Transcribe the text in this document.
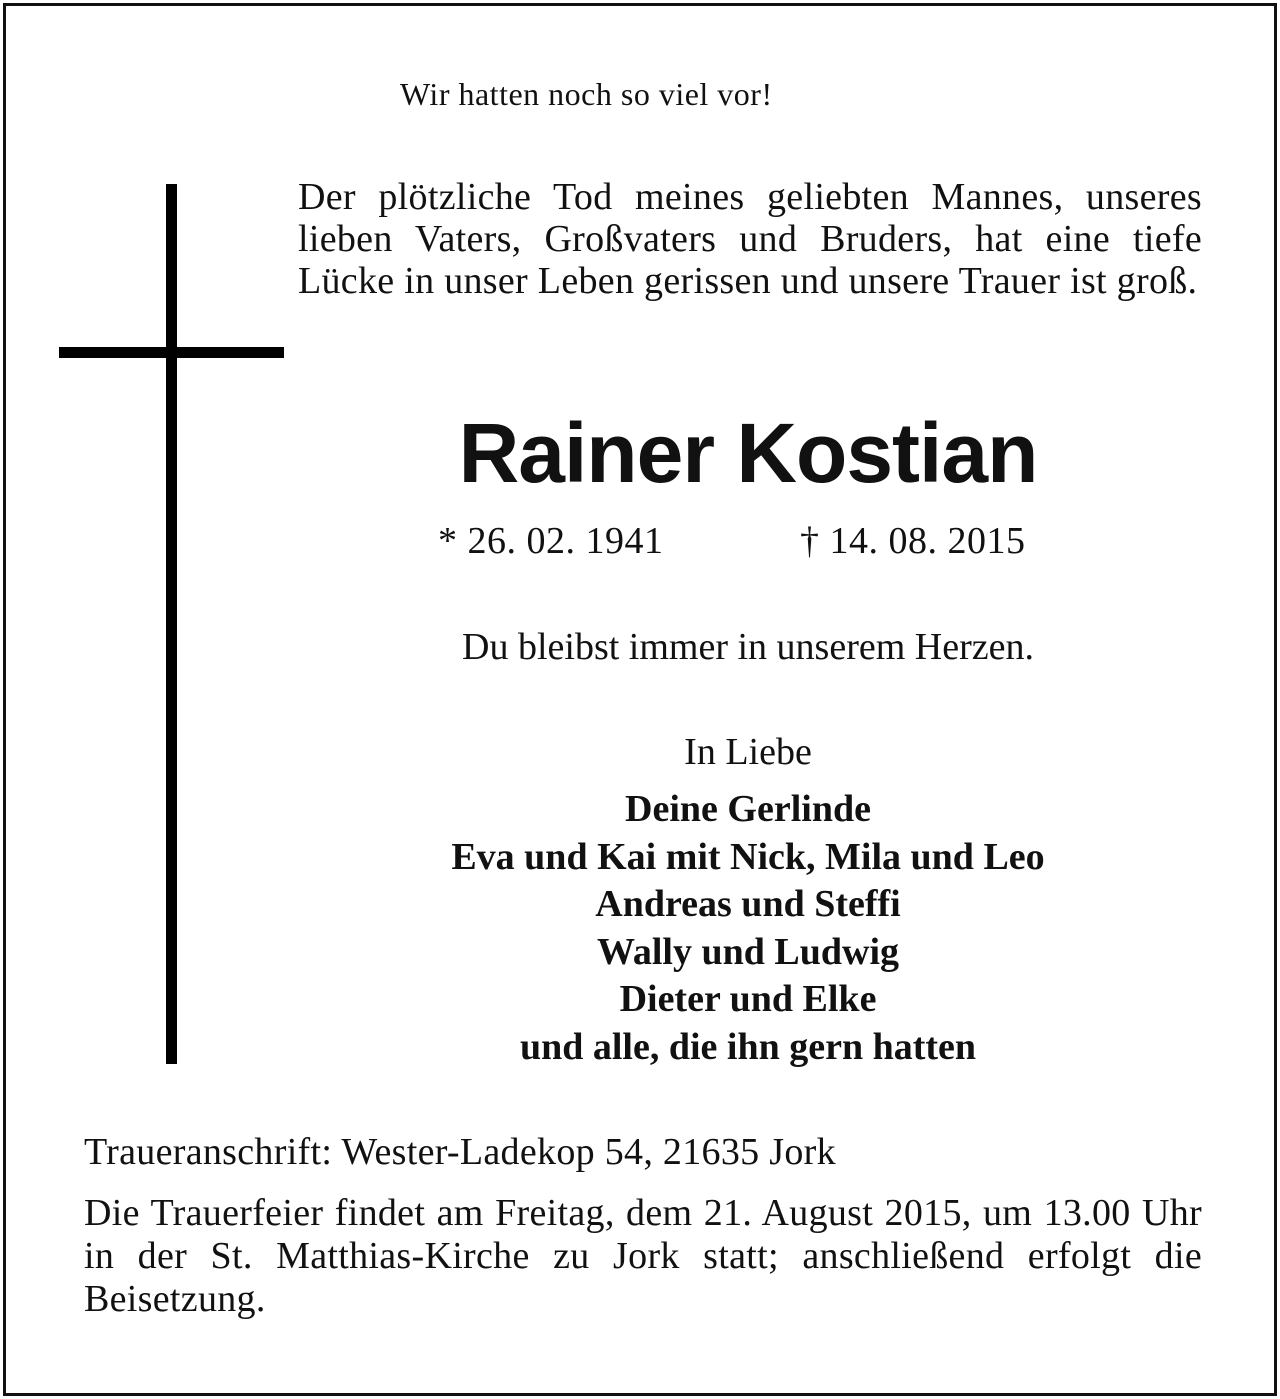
Wir hatten noch so viel vor!
Der plötzliche Tod meines geliebten Mannes, unseres lieben Vaters, Großvaters und Bruders, hat eine tiefe Lücke in unser Leben gerissen und unsere Trauer ist groß.
Rainer Kostian
* 26. 02. 1941	† 14. 08. 2015
Du bleibst immer in unserem Herzen.
In Liebe
Deine Gerlinde
Eva und Kai mit Nick, Mila und Leo
Andreas und Steffi
Wally und Ludwig
Dieter und Elke
und alle, die ihn gern hatten
Traueranschrift: Wester-Ladekop 54, 21635 Jork
Die Trauerfeier findet am Freitag, dem 21. August 2015, um 13.00 Uhr in der St. Matthias-Kirche zu Jork statt; anschließend erfolgt die Beisetzung.
